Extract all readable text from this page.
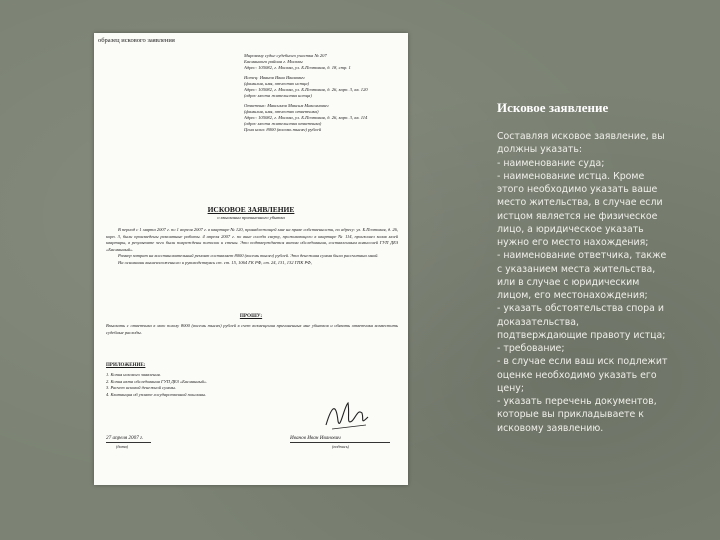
образец искового заявления
Мировому судье судебного участка № 207
Басманного района г. Москвы
Адрес: 105082, г. Москва, ул. Б.Почтовая, д. 18, стр. 1
Истец: Иванов Иван Иванович
(фамилия, имя, отчество истца)
Адрес: 105082, г. Москва, ул. Б.Почтовая, д. 26, корп. 3, кв. 120
(адрес места жительства истца)
Ответчик: Максимов Максим Максимович
(фамилия, имя, отчество ответчика)
Адрес: 105082, г. Москва, ул. Б.Почтовая, д. 26, корп. 3, кв. 114
(адрес места жительства ответчика)
Цена иска: 8000 (восемь тысяч) рублей
ИСКОВОЕ ЗАЯВЛЕНИЕ
о взыскании причиненного убытка

В период с 1 марта 2007 г. по 1 апреля 2007 г. в квартире № 120, принадлежащей мне на праве собственности, по адресу: ул. Б.Почтовая, д. 26, корп. 3, были произведены ремонтные работы. 4 апреля 2007 г. по вине соседа сверху, проживающего в квартире № 114, произошел залив моей квартиры, в результате чего были повреждены потолок и стены. Это подтверждается актом обследования, составленным комиссией ГУП ДЕЗ «Басманный».

Размер затрат на восстановительный ремонт составляет 8000 (восемь тысяч) рублей. Эта денежная сумма была рассчитана мной.

На основании вышеизложенного и руководствуясь ст. ст. 15, 1064 ГК РФ, ст. 24, 131, 132 ГПК РФ,

ПРОШУ:
Взыскать с ответчика в мою пользу 8000 (восемь тысяч) рублей в счет возмещения причиненных мне убытков и обязать ответчика возместить судебные расходы.
ПРИЛОЖЕНИЕ:
1. Копия искового заявления.
2. Копия акта обследования ГУП ДЕЗ «Басманный».
3. Расчет исковой денежной суммы.
4. Квитанция об уплате государственной пошлины.
27 апреля 2007 г.
(дата)
Иванов Иван Иванович
(подпись)
Исковое заявление
Составляя исковое заявление, вы
должны указать:
- наименование суда;
- наименование истца. Кроме
этого необходимо указать ваше
место жительства, в случае если
истцом является не физическое
лицо, а юридическое указать
нужно его место нахождения;
- наименование ответчика, также
с указанием места жительства,
или в случае с юридическим
лицом, его местонахождения;
- указать обстоятельства спора и
доказательства,
подтверждающие правоту истца;
- требование;
- в случае если ваш иск подлежит
оценке необходимо указать его
цену;
- указать перечень документов,
которые вы прикладываете к
исковому заявлению.
